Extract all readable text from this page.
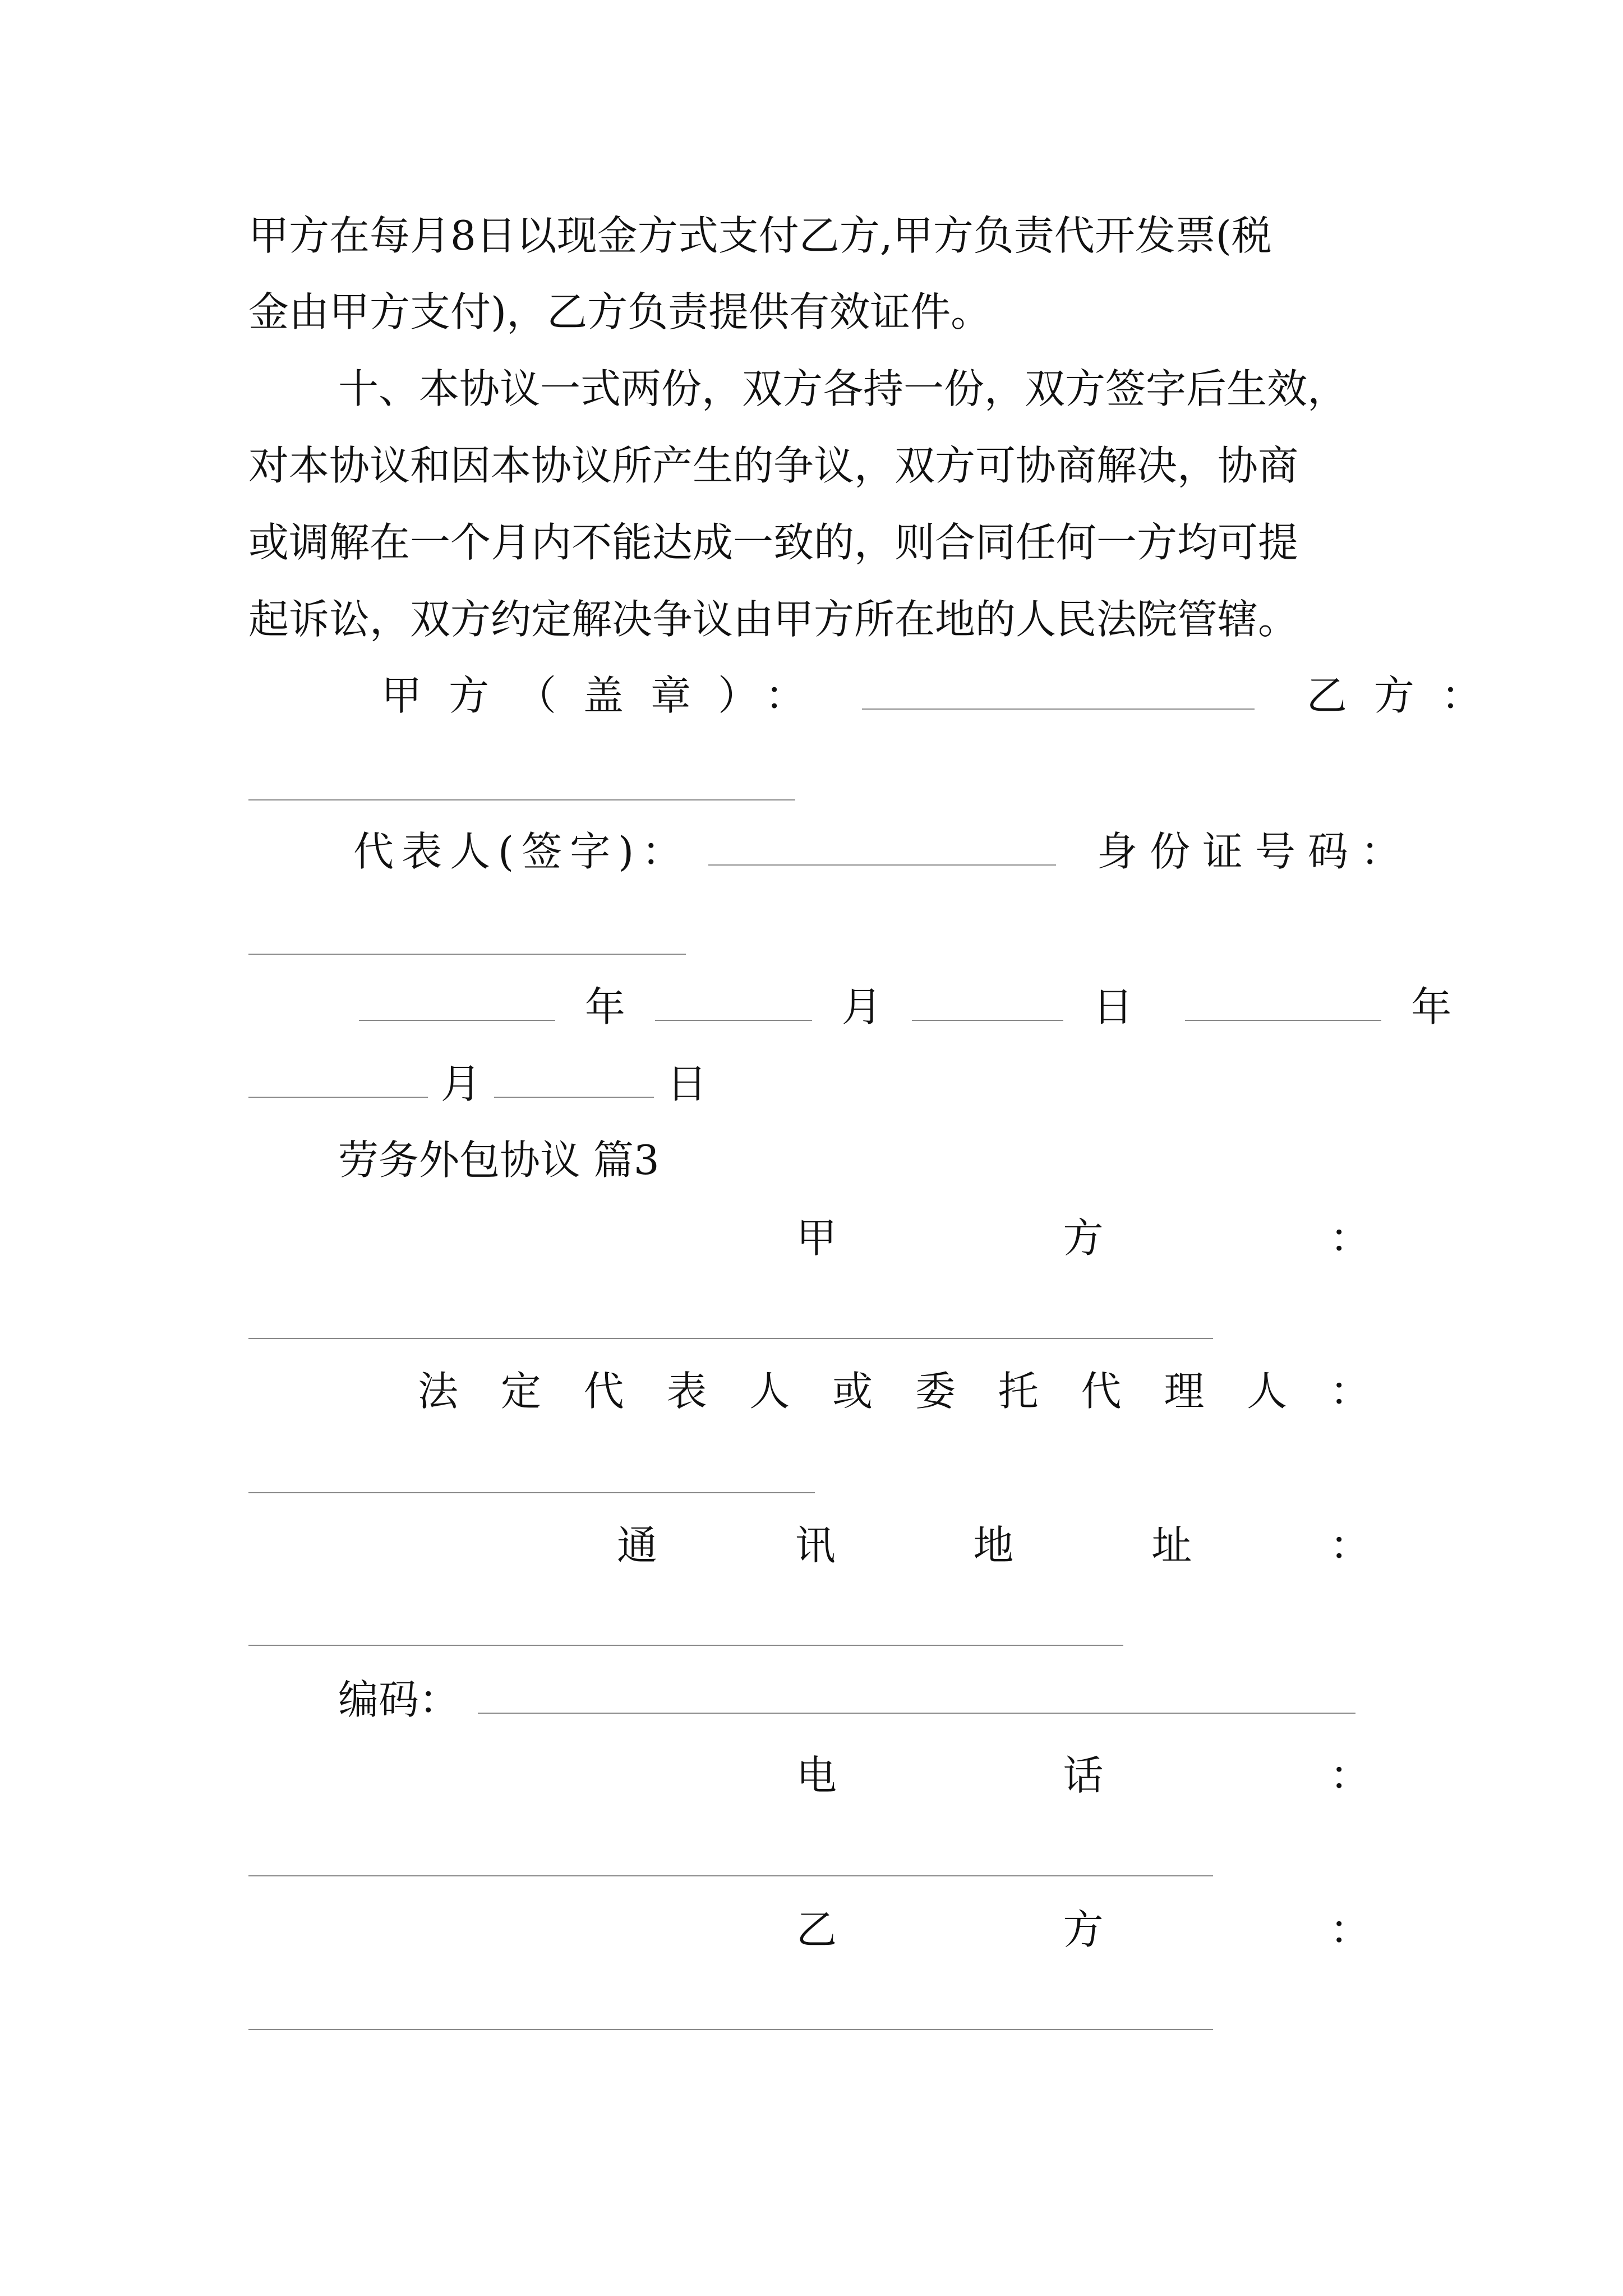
甲方在每月8日以现金方式支付乙方,甲方负责代开发票(税
金由甲方支付)，乙方负责提供有效证件。
十、本协议一式两份，双方各持一份，双方签字后生效，
对本协议和因本协议所产生的争议，双方可协商解决，协商
或调解在一个月内不能达成一致的，则合同任何一方均可提
起诉讼，双方约定解决争议由甲方所在地的人民法院管辖。
甲方（盖章）：	乙方：
代表人(签字)：	身份证号码：
年	月	日	年
月	日
劳务外包协议 篇3
甲	方	：
法 定 代 表 人 或 委 托 代 理 人 ：
通	讯	地	址	：
编码：
电	话	：
乙	方	：
